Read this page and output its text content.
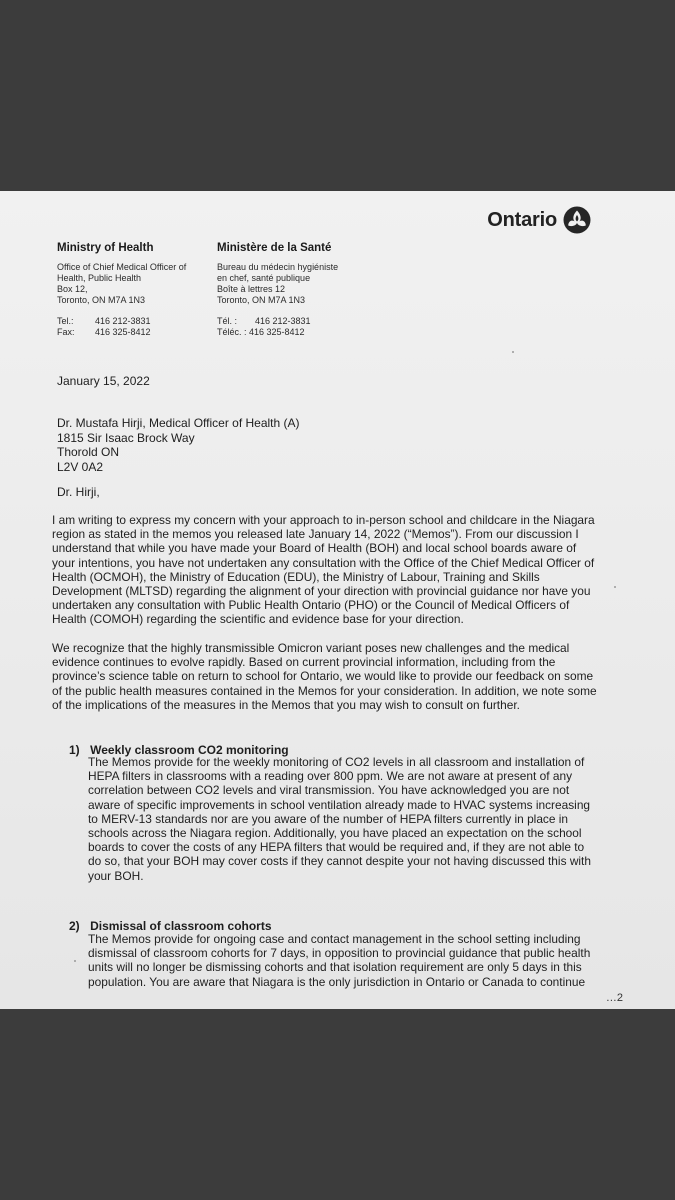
Ontario
Ministry of Health
Office of Chief Medical Officer of
Health, Public Health
Box 12,
Toronto, ON M7A 1N3
Tel.:	416 212-3831
Fax:	416 325-8412
Ministère de la Santé
Bureau du médecin hygiéniste
en chef, santé publique
Boîte à lettres 12
Toronto, ON M7A 1N3
Tél. :	416 212-3831
Téléc. : 416 325-8412
January 15, 2022
Dr. Mustafa Hirji, Medical Officer of Health (A)
1815 Sir Isaac Brock Way
Thorold ON
L2V 0A2
Dr. Hirji,
I am writing to express my concern with your approach to in-person school and childcare in the Niagara
region as stated in the memos you released late January 14, 2022 (“Memos”). From our discussion I
understand that while you have made your Board of Health (BOH) and local school boards aware of
your intentions, you have not undertaken any consultation with the Office of the Chief Medical Officer of
Health (OCMOH), the Ministry of Education (EDU), the Ministry of Labour, Training and Skills
Development (MLTSD) regarding the alignment of your direction with provincial guidance nor have you
undertaken any consultation with Public Health Ontario (PHO) or the Council of Medical Officers of
Health (COMOH) regarding the scientific and evidence base for your direction.
We recognize that the highly transmissible Omicron variant poses new challenges and the medical
evidence continues to evolve rapidly. Based on current provincial information, including from the
province’s science table on return to school for Ontario, we would like to provide our feedback on some
of the public health measures contained in the Memos for your consideration. In addition, we note some
of the implications of the measures in the Memos that you may wish to consult on further.
1) Weekly classroom CO2 monitoring
The Memos provide for the weekly monitoring of CO2 levels in all classroom and installation of
HEPA filters in classrooms with a reading over 800 ppm. We are not aware at present of any
correlation between CO2 levels and viral transmission. You have acknowledged you are not
aware of specific improvements in school ventilation already made to HVAC systems increasing
to MERV-13 standards nor are you aware of the number of HEPA filters currently in place in
schools across the Niagara region. Additionally, you have placed an expectation on the school
boards to cover the costs of any HEPA filters that would be required and, if they are not able to
do so, that your BOH may cover costs if they cannot despite your not having discussed this with
your BOH.
2) Dismissal of classroom cohorts
The Memos provide for ongoing case and contact management in the school setting including
dismissal of classroom cohorts for 7 days, in opposition to provincial guidance that public health
units will no longer be dismissing cohorts and that isolation requirement are only 5 days in this
population. You are aware that Niagara is the only jurisdiction in Ontario or Canada to continue
…2
